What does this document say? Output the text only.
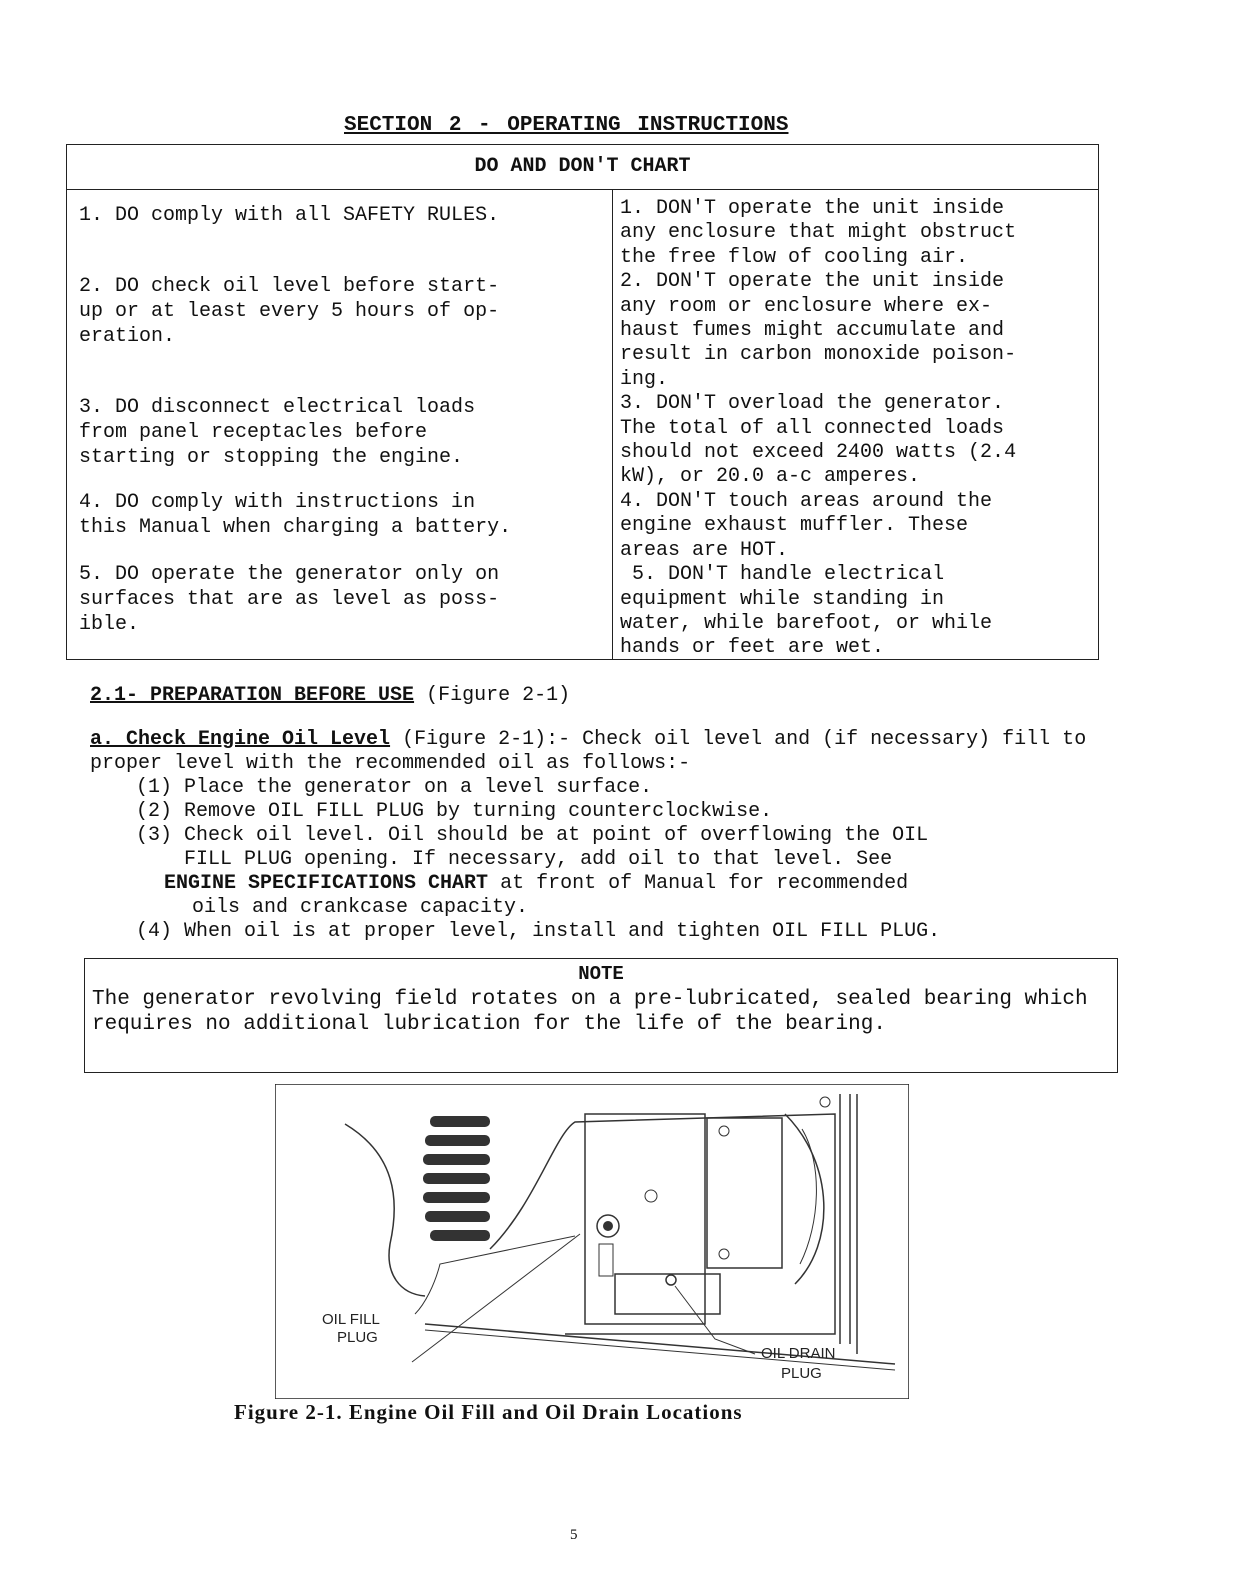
SECTION 2 - OPERATING INSTRUCTIONS
DO AND DON'T CHART
1. DO comply with all SAFETY RULES.
2. DO check oil level before start-
up or at least every 5 hours of op-
eration.
3. DO disconnect electrical loads
from panel receptacles before
starting or stopping the engine.
4. DO comply with instructions in
this Manual when charging a battery.
5. DO operate the generator only on
surfaces that are as level as poss-
ible.
1. DON'T operate the unit inside
any enclosure that might obstruct
the free flow of cooling air.
2. DON'T operate the unit inside
any room or enclosure where ex-
haust fumes might accumulate and
result in carbon monoxide poison-
ing.
3. DON'T overload the generator.
The total of all connected loads
should not exceed 2400 watts (2.4
kW), or 20.0 a-c amperes.
4. DON'T touch areas around the
engine exhaust muffler. These
areas are HOT.
5. DON'T handle electrical
equipment while standing in
water, while barefoot, or while
hands or feet are wet.
2.1- PREPARATION BEFORE USE (Figure 2-1)
a. Check Engine Oil Level (Figure 2-1):- Check oil level and (if necessary) fill to proper level with the recommended oil as follows:-
(1) Place the generator on a level surface.
(2) Remove OIL FILL PLUG by turning counterclockwise.
(3) Check oil level. Oil should be at point of overflowing the OIL
FILL PLUG opening. If necessary, add oil to that level. See
ENGINE SPECIFICATIONS CHART at front of Manual for recommended
oils and crankcase capacity.
(4) When oil is at proper level, install and tighten OIL FILL PLUG.
NOTE
The generator revolving field rotates on a pre-lubricated, sealed bearing which requires no additional lubrication for the life of the bearing.
OIL FILL
PLUG
OIL DRAIN
PLUG
Figure 2-1. Engine Oil Fill and Oil Drain Locations
5
